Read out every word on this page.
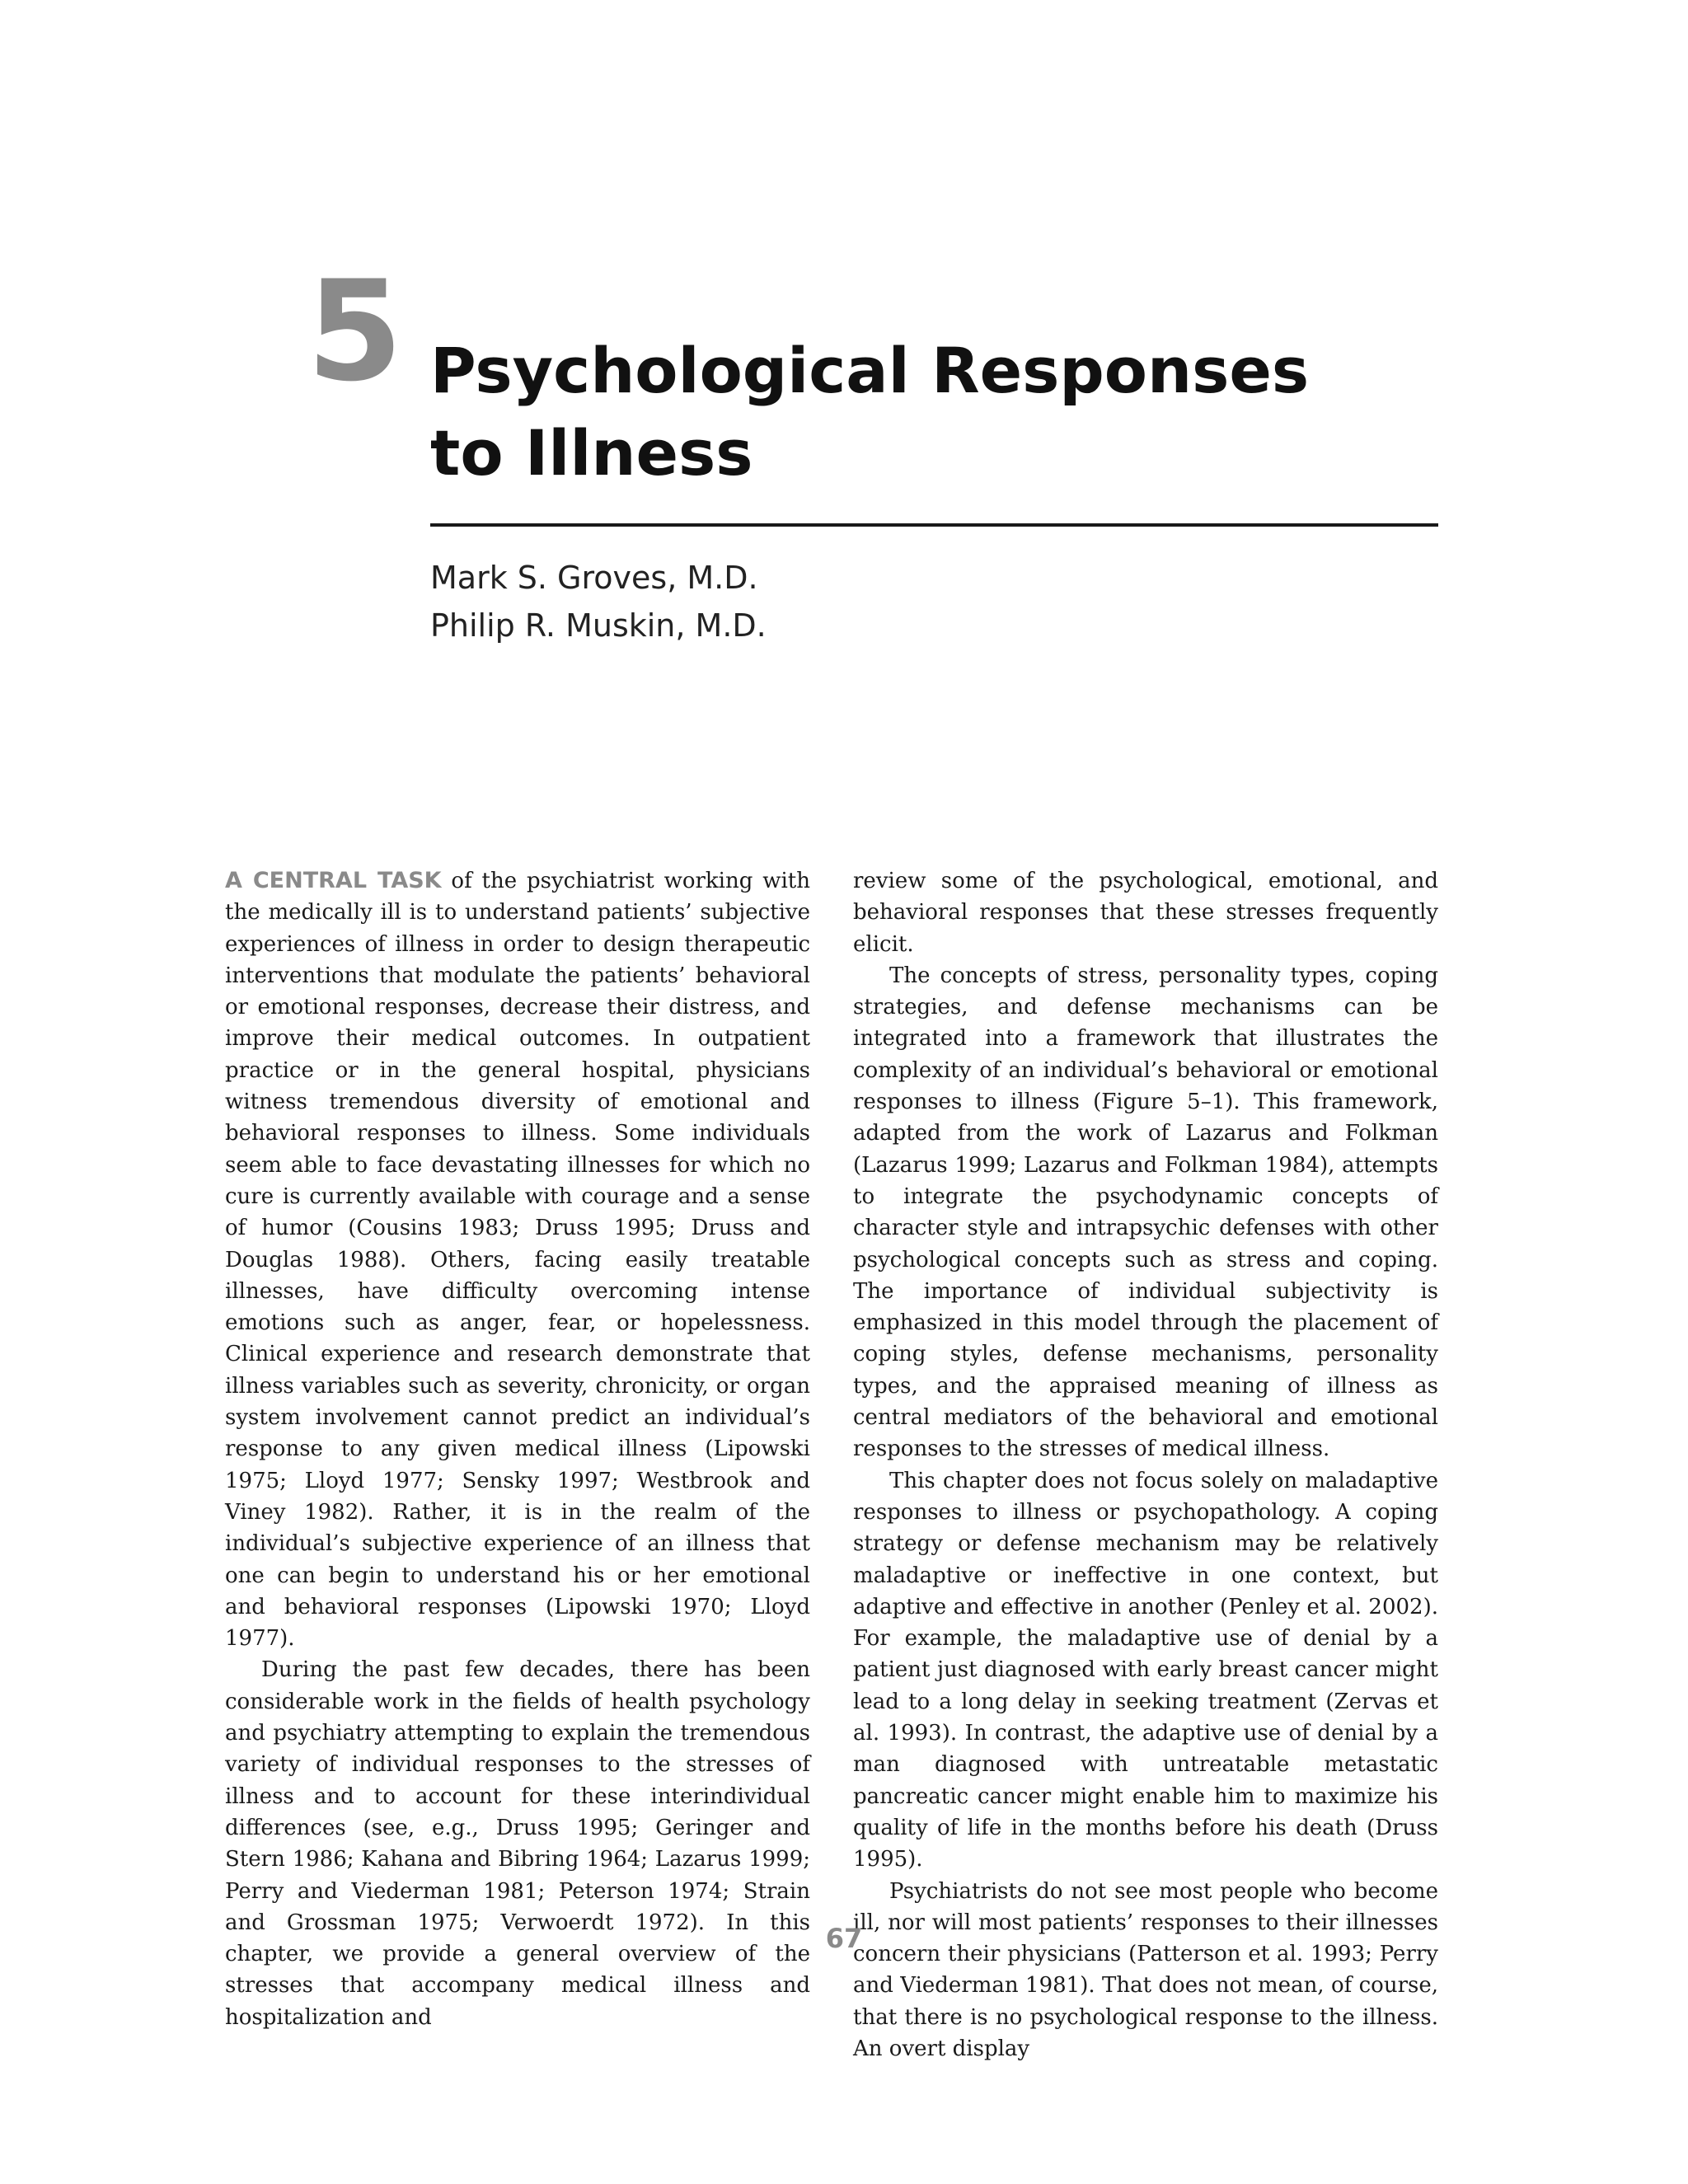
5 Psychological Responses
to Illness
Mark S. Groves, M.D.
Philip R. Muskin, M.D.

A CENTRAL TASK of the psychiatrist working with the medically ill is to understand patients’ subjective experiences of illness in order to design therapeutic interventions that modulate the patients’ behavioral or emotional responses, decrease their distress, and improve their medical outcomes. In outpatient practice or in the general hospital, physicians witness tremendous diversity of emotional and behavioral responses to illness. Some individuals seem able to face devastating illnesses for which no cure is currently available with courage and a sense of humor (Cousins 1983; Druss 1995; Druss and Douglas 1988). Others, facing easily treatable illnesses, have difficulty overcoming intense emotions such as anger, fear, or hopelessness. Clinical experience and research demonstrate that illness variables such as severity, chronicity, or organ system involvement cannot predict an individual’s response to any given medical illness (Lipowski 1975; Lloyd 1977; Sensky 1997; Westbrook and Viney 1982). Rather, it is in the realm of the individual’s subjective experience of an illness that one can begin to understand his or her emotional and behavioral responses (Lipowski 1970; Lloyd 1977).

During the past few decades, there has been considerable work in the fields of health psychology and psychiatry attempting to explain the tremendous variety of individual responses to the stresses of illness and to account for these interindividual differences (see, e.g., Druss 1995; Geringer and Stern 1986; Kahana and Bibring 1964; Lazarus 1999; Perry and Viederman 1981; Peterson 1974; Strain and Grossman 1975; Verwoerdt 1972). In this chapter, we provide a general overview of the stresses that accompany medical illness and hospitalization and

review some of the psychological, emotional, and behavioral responses that these stresses frequently elicit.

The concepts of stress, personality types, coping strategies, and defense mechanisms can be integrated into a framework that illustrates the complexity of an individual’s behavioral or emotional responses to illness (Figure 5–1). This framework, adapted from the work of Lazarus and Folkman (Lazarus 1999; Lazarus and Folkman 1984), attempts to integrate the psychodynamic concepts of character style and intrapsychic defenses with other psychological concepts such as stress and coping. The importance of individual subjectivity is emphasized in this model through the placement of coping styles, defense mechanisms, personality types, and the appraised meaning of illness as central mediators of the behavioral and emotional responses to the stresses of medical illness.

This chapter does not focus solely on maladaptive responses to illness or psychopathology. A coping strategy or defense mechanism may be relatively maladaptive or ineffective in one context, but adaptive and effective in another (Penley et al. 2002). For example, the maladaptive use of denial by a patient just diagnosed with early breast cancer might lead to a long delay in seeking treatment (Zervas et al. 1993). In contrast, the adaptive use of denial by a man diagnosed with untreatable metastatic pancreatic cancer might enable him to maximize his quality of life in the months before his death (Druss 1995).

Psychiatrists do not see most people who become ill, nor will most patients’ responses to their illnesses concern their physicians (Patterson et al. 1993; Perry and Viederman 1981). That does not mean, of course, that there is no psychological response to the illness. An overt display

67
